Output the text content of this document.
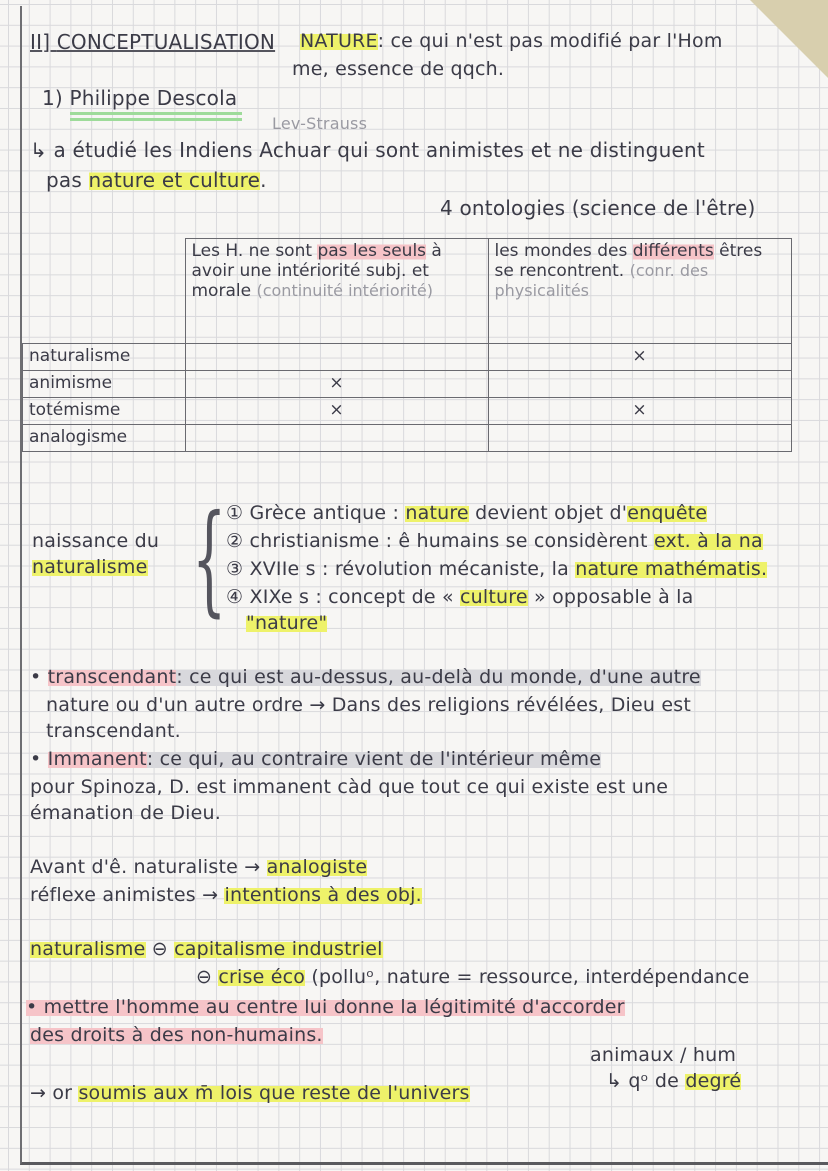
II] CONCEPTUALISATION NATURE: ce qui n'est pas modifié par l'Hom
me, essence de qqch.
1) Philippe Descola
Lev-Strauss
↳ a étudié les Indiens Achuar qui sont animistes et ne distinguent
pas nature et culture.
4 ontologies (science de l'être)
	Les H. ne sont pas les seuls à avoir une intériorité subj. et morale (continuité intériorité)	les mondes des différents êtres se rencontrent. (conr. des physicalités
naturalisme		×
animisme	×	
totémisme	×	×
analogisme		
naissance du
naturalisme { ① Grèce antique : nature devient objet d'enquête
② christianisme : ê humains se considèrent ext. à la na
③ XVIIe s : révolution mécaniste, la nature mathématis.
④ XIXe s : concept de « culture » opposable à la
"nature"
• transcendant: ce qui est au-dessus, au-delà du monde, d'une autre
nature ou d'un autre ordre → Dans des religions révélées, Dieu est
transcendant.
• Immanent: ce qui, au contraire vient de l'intérieur même
pour Spinoza, D. est immanent càd que tout ce qui existe est une
émanation de Dieu.
Avant d'ê. naturaliste → analogiste
réflexe animistes → intentions à des obj.
naturalisme ⊖ capitalisme industriel
⊖ crise éco (polluᵒ, nature = ressource, interdépendance
• mettre l'homme au centre lui donne la légitimité d'accorder
des droits à des non-humains.
animaux / hum
↳ qᵒ de degré
→ or soumis aux m̄ lois que reste de l'univers
